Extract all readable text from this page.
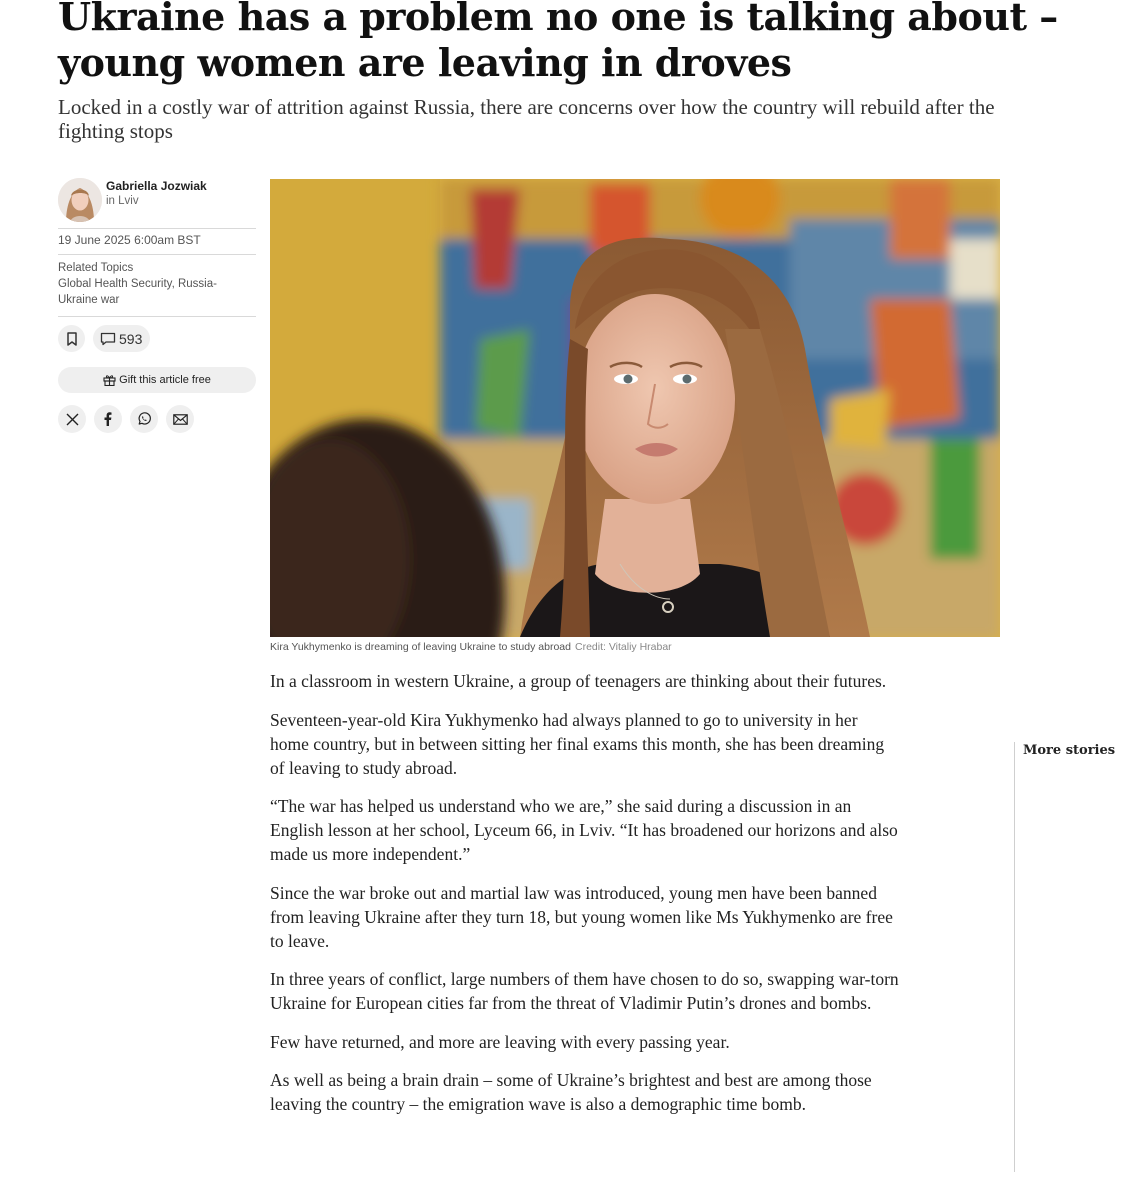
Ukraine has a problem no one is talking about – young women are leaving in droves

Locked in a costly war of attrition against Russia, there are concerns over how the country will rebuild after the fighting stops

Gabriella Jozwiak
in Lviv
19 June 2025 6:00am BST
Related Topics
Global Health Security, Russia-Ukraine war
593
Gift this article free
Kira Yukhymenko is dreaming of leaving Ukraine to study abroad Credit: Vitaliy Hrabar

In a classroom in western Ukraine, a group of teenagers are thinking about their futures.

Seventeen-year-old Kira Yukhymenko had always planned to go to university in her home country, but in between sitting her final exams this month, she has been dreaming of leaving to study abroad.

“The war has helped us understand who we are,” she said during a discussion in an English lesson at her school, Lyceum 66, in Lviv. “It has broadened our horizons and also made us more independent.”

Since the war broke out and martial law was introduced, young men have been banned from leaving Ukraine after they turn 18, but young women like Ms Yukhymenko are free to leave.

In three years of conflict, large numbers of them have chosen to do so, swapping war-torn Ukraine for European cities far from the threat of Vladimir Putin’s drones and bombs.

Few have returned, and more are leaving with every passing year.

As well as being a brain drain – some of Ukraine’s brightest and best are among those leaving the country – the emigration wave is also a demographic time bomb.

More stories
